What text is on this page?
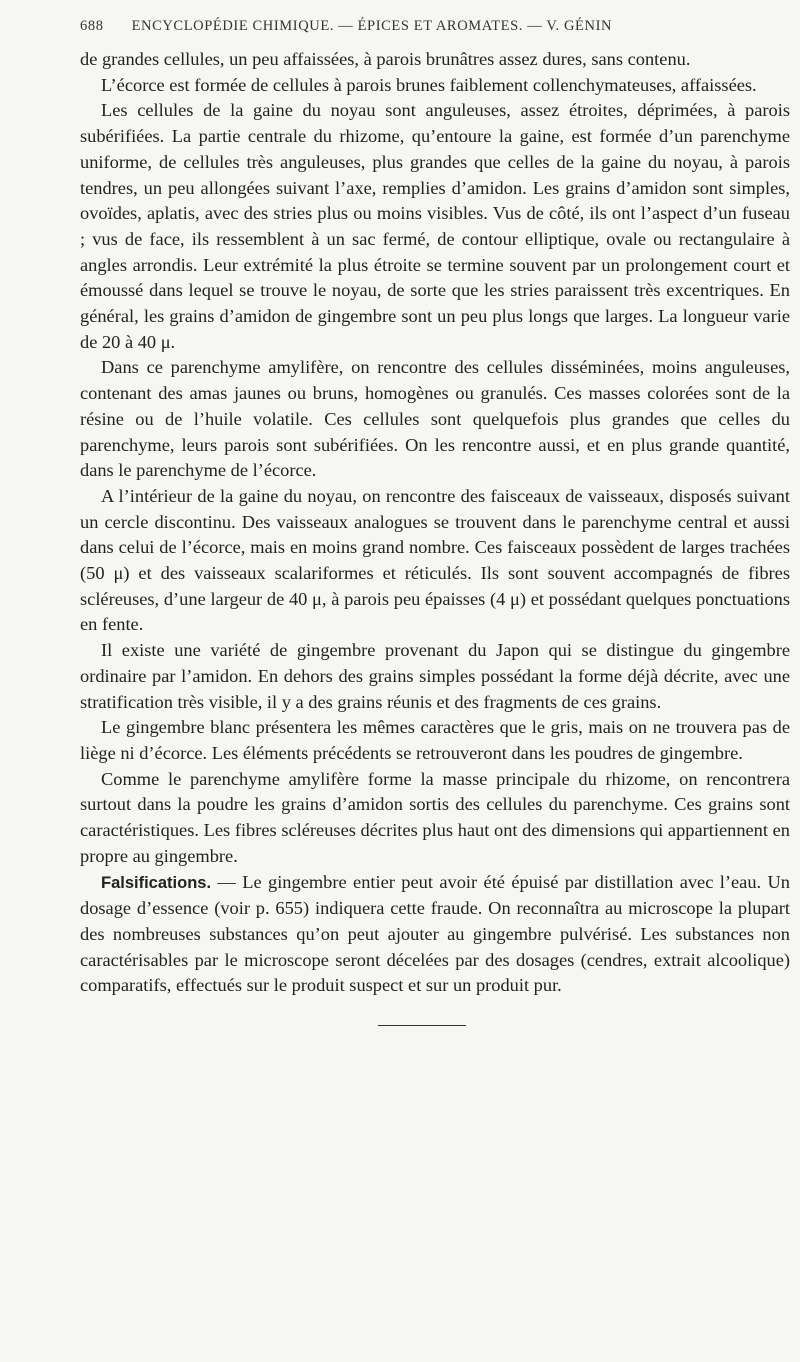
688 ENCYCLOPÉDIE CHIMIQUE. — ÉPICES ET AROMATES. — V. GÉNIN

de grandes cellules, un peu affaissées, à parois brunâtres assez dures, sans contenu.

L’écorce est formée de cellules à parois brunes faiblement collenchymateuses, affaissées.

Les cellules de la gaine du noyau sont anguleuses, assez étroites, déprimées, à parois subérifiées. La partie centrale du rhizome, qu’entoure la gaine, est formée d’un parenchyme uniforme, de cellules très anguleuses, plus grandes que celles de la gaine du noyau, à parois tendres, un peu allongées suivant l’axe, remplies d’amidon. Les grains d’amidon sont simples, ovoïdes, aplatis, avec des stries plus ou moins visibles. Vus de côté, ils ont l’aspect d’un fuseau ; vus de face, ils ressemblent à un sac fermé, de contour elliptique, ovale ou rectangulaire à angles arrondis. Leur extrémité la plus étroite se termine souvent par un prolongement court et émoussé dans lequel se trouve le noyau, de sorte que les stries paraissent très excentriques. En général, les grains d’amidon de gingembre sont un peu plus longs que larges. La longueur varie de 20 à 40 μ.

Dans ce parenchyme amylifère, on rencontre des cellules disséminées, moins anguleuses, contenant des amas jaunes ou bruns, homogènes ou granulés. Ces masses colorées sont de la résine ou de l’huile volatile. Ces cellules sont quelquefois plus grandes que celles du parenchyme, leurs parois sont subérifiées. On les rencontre aussi, et en plus grande quantité, dans le parenchyme de l’écorce.

A l’intérieur de la gaine du noyau, on rencontre des faisceaux de vaisseaux, disposés suivant un cercle discontinu. Des vaisseaux analogues se trouvent dans le parenchyme central et aussi dans celui de l’écorce, mais en moins grand nombre. Ces faisceaux possèdent de larges trachées (50 μ) et des vaisseaux scalariformes et réticulés. Ils sont souvent accompagnés de fibres scléreuses, d’une largeur de 40 μ, à parois peu épaisses (4 μ) et possédant quelques ponctuations en fente.

Il existe une variété de gingembre provenant du Japon qui se distingue du gingembre ordinaire par l’amidon. En dehors des grains simples possédant la forme déjà décrite, avec une stratification très visible, il y a des grains réunis et des fragments de ces grains.

Le gingembre blanc présentera les mêmes caractères que le gris, mais on ne trouvera pas de liège ni d’écorce. Les éléments précédents se retrouveront dans les poudres de gingembre.

Comme le parenchyme amylifère forme la masse principale du rhizome, on rencontrera surtout dans la poudre les grains d’amidon sortis des cellules du parenchyme. Ces grains sont caractéristiques. Les fibres scléreuses décrites plus haut ont des dimensions qui appartiennent en propre au gingembre.

Falsifications. — Le gingembre entier peut avoir été épuisé par distillation avec l’eau. Un dosage d’essence (voir p. 655) indiquera cette fraude. On reconnaîtra au microscope la plupart des nombreuses substances qu’on peut ajouter au gingembre pulvérisé. Les substances non caractérisables par le microscope seront décelées par des dosages (cendres, extrait alcoolique) comparatifs, effectués sur le produit suspect et sur un produit pur.
